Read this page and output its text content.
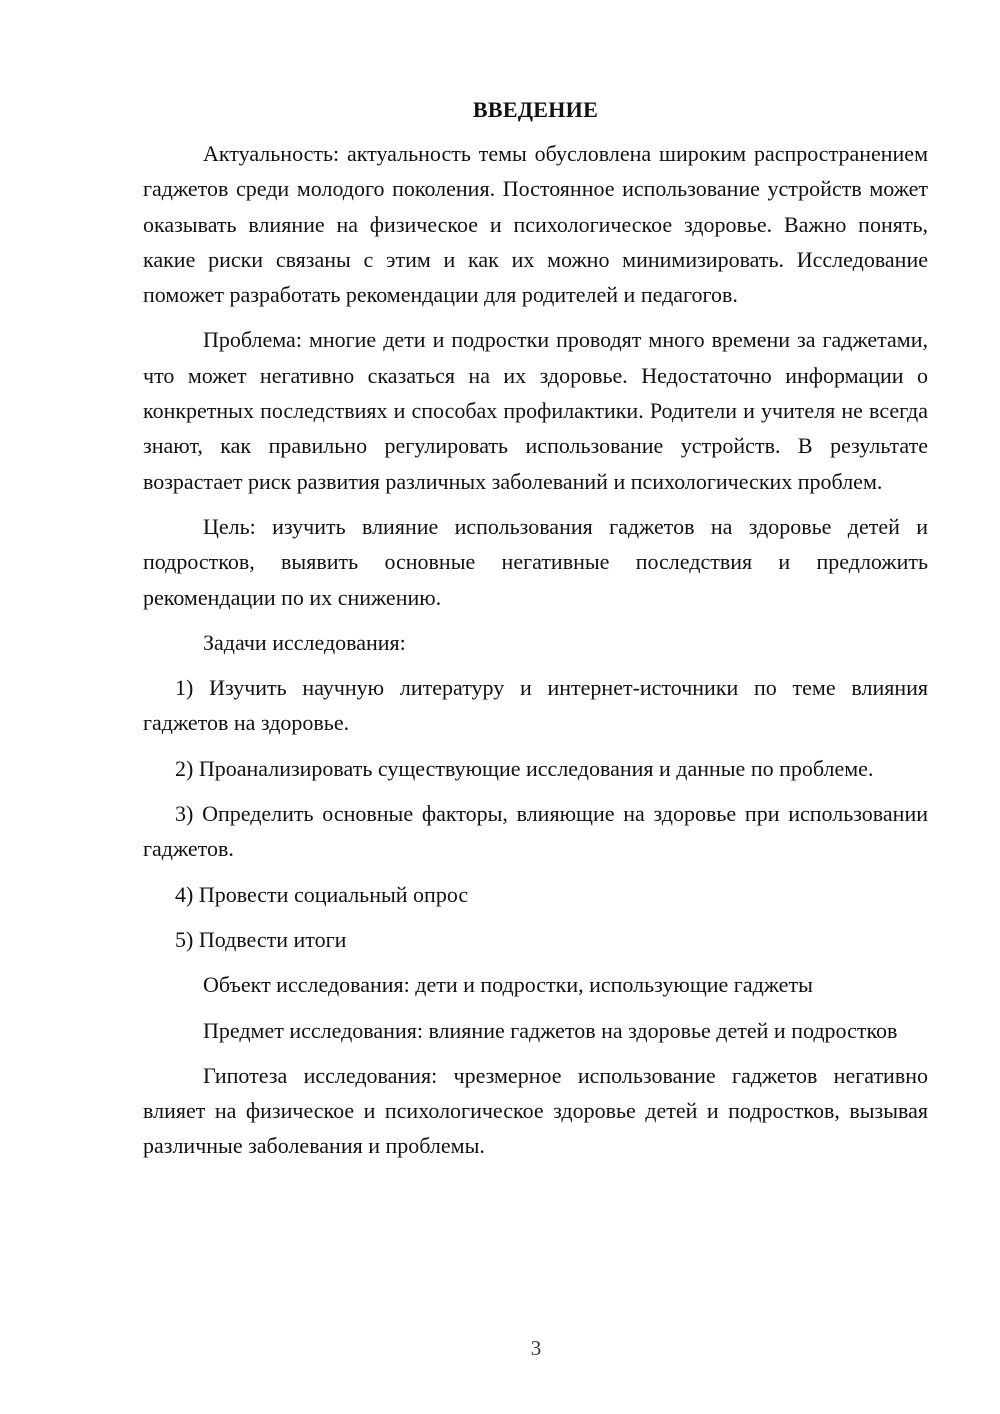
ВВЕДЕНИЕ

Актуальность: актуальность темы обусловлена широким распространением гаджетов среди молодого поколения. Постоянное использование устройств может оказывать влияние на физическое и психологическое здоровье. Важно понять, какие риски связаны с этим и как их можно минимизировать. Исследование поможет разработать рекомендации для родителей и педагогов.

Проблема: многие дети и подростки проводят много времени за гаджетами, что может негативно сказаться на их здоровье. Недостаточно информации о конкретных последствиях и способах профилактики. Родители и учителя не всегда знают, как правильно регулировать использование устройств. В результате возрастает риск развития различных заболеваний и психологических проблем.

Цель: изучить влияние использования гаджетов на здоровье детей и подростков, выявить основные негативные последствия и предложить рекомендации по их снижению.

Задачи исследования:

1) Изучить научную литературу и интернет-источники по теме влияния гаджетов на здоровье.

2) Проанализировать существующие исследования и данные по проблеме.

3) Определить основные факторы, влияющие на здоровье при использовании гаджетов.

4) Провести социальный опрос

5) Подвести итоги

Объект исследования: дети и подростки, использующие гаджеты

Предмет исследования: влияние гаджетов на здоровье детей и подростков

Гипотеза исследования: чрезмерное использование гаджетов негативно влияет на физическое и психологическое здоровье детей и подростков, вызывая различные заболевания и проблемы.

3
